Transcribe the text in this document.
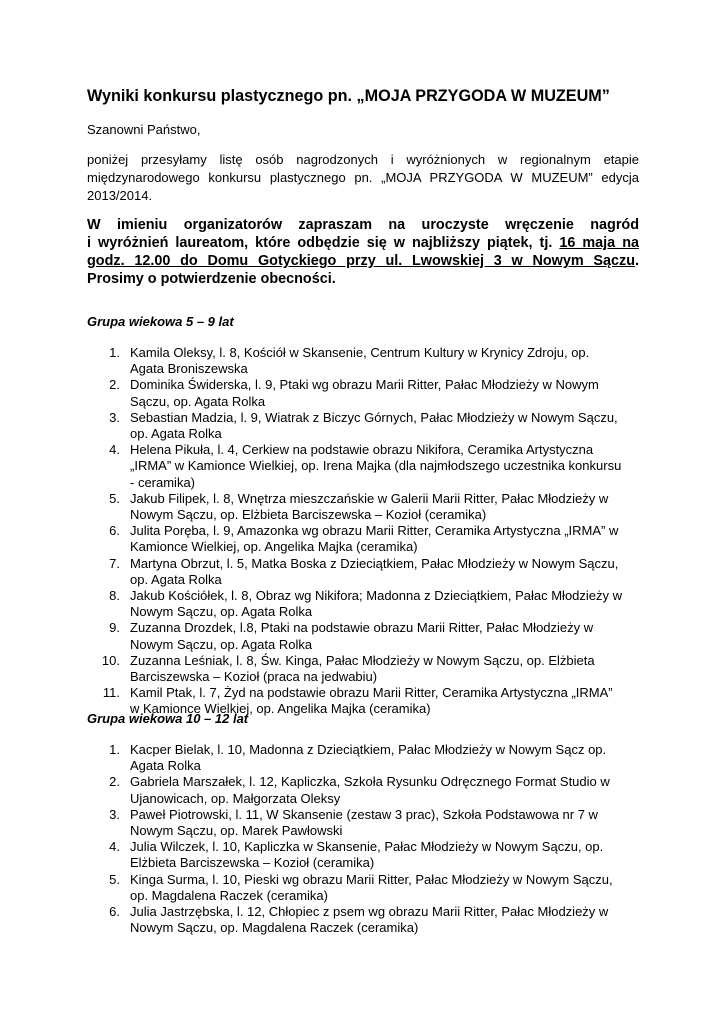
Wyniki konkursu plastycznego pn. „MOJA PRZYGODA W MUZEUM”
Szanowni Państwo,
poniżej przesyłamy listę osób nagrodzonych i wyróżnionych w regionalnym etapie
międzynarodowego konkursu plastycznego pn. „MOJA PRZYGODA W MUZEUM” edycja
2013/2014.
W imieniu organizatorów zapraszam na uroczyste wręczenie nagród
i wyróżnień laureatom, które odbędzie się w najbliższy piątek, tj. 16 maja na
godz. 12.00 do Domu Gotyckiego przy ul. Lwowskiej 3 w Nowym Sączu.
Prosimy o potwierdzenie obecności.
Grupa wiekowa 5 – 9 lat
1. Kamila Oleksy, l. 8, Kościół w Skansenie, Centrum Kultury w Krynicy Zdroju, op.
Agata Broniszewska
2. Dominika Świderska, l. 9, Ptaki wg obrazu Marii Ritter, Pałac Młodzieży w Nowym
Sączu, op. Agata Rolka
3. Sebastian Madzia, l. 9, Wiatrak z Biczyc Górnych, Pałac Młodzieży w Nowym Sączu,
op. Agata Rolka
4. Helena Pikuła, l. 4, Cerkiew na podstawie obrazu Nikifora, Ceramika Artystyczna
„IRMA” w Kamionce Wielkiej, op. Irena Majka (dla najmłodszego uczestnika konkursu
- ceramika)
5. Jakub Filipek, l. 8, Wnętrza mieszczańskie w Galerii Marii Ritter, Pałac Młodzieży w
Nowym Sączu, op. Elżbieta Barciszewska – Kozioł (ceramika)
6. Julita Poręba, l. 9, Amazonka wg obrazu Marii Ritter, Ceramika Artystyczna „IRMA” w
Kamionce Wielkiej, op. Angelika Majka (ceramika)
7. Martyna Obrzut, l. 5, Matka Boska z Dzieciątkiem, Pałac Młodzieży w Nowym Sączu,
op. Agata Rolka
8. Jakub Kościółek, l. 8, Obraz wg Nikifora; Madonna z Dzieciątkiem, Pałac Młodzieży w
Nowym Sączu, op. Agata Rolka
9. Zuzanna Drozdek, l.8, Ptaki na podstawie obrazu Marii Ritter, Pałac Młodzieży w
Nowym Sączu, op. Agata Rolka
10. Zuzanna Leśniak, l. 8, Św. Kinga, Pałac Młodzieży w Nowym Sączu, op. Elżbieta
Barciszewska – Kozioł (praca na jedwabiu)
11. Kamil Ptak, l. 7, Żyd na podstawie obrazu Marii Ritter, Ceramika Artystyczna „IRMA”
w Kamionce Wielkiej, op. Angelika Majka (ceramika)
Grupa wiekowa 10 – 12 lat
1. Kacper Bielak, l. 10, Madonna z Dzieciątkiem, Pałac Młodzieży w Nowym Sącz op.
Agata Rolka
2. Gabriela Marszałek, l. 12, Kapliczka, Szkoła Rysunku Odręcznego Format Studio w
Ujanowicach, op. Małgorzata Oleksy
3. Paweł Piotrowski, l. 11, W Skansenie (zestaw 3 prac), Szkoła Podstawowa nr 7 w
Nowym Sączu, op. Marek Pawłowski
4. Julia Wilczek, l. 10, Kapliczka w Skansenie, Pałac Młodzieży w Nowym Sączu, op.
Elżbieta Barciszewska – Kozioł (ceramika)
5. Kinga Surma, l. 10, Pieski wg obrazu Marii Ritter, Pałac Młodzieży w Nowym Sączu,
op. Magdalena Raczek (ceramika)
6. Julia Jastrzębska, l. 12, Chłopiec z psem wg obrazu Marii Ritter, Pałac Młodzieży w
Nowym Sączu, op. Magdalena Raczek (ceramika)
